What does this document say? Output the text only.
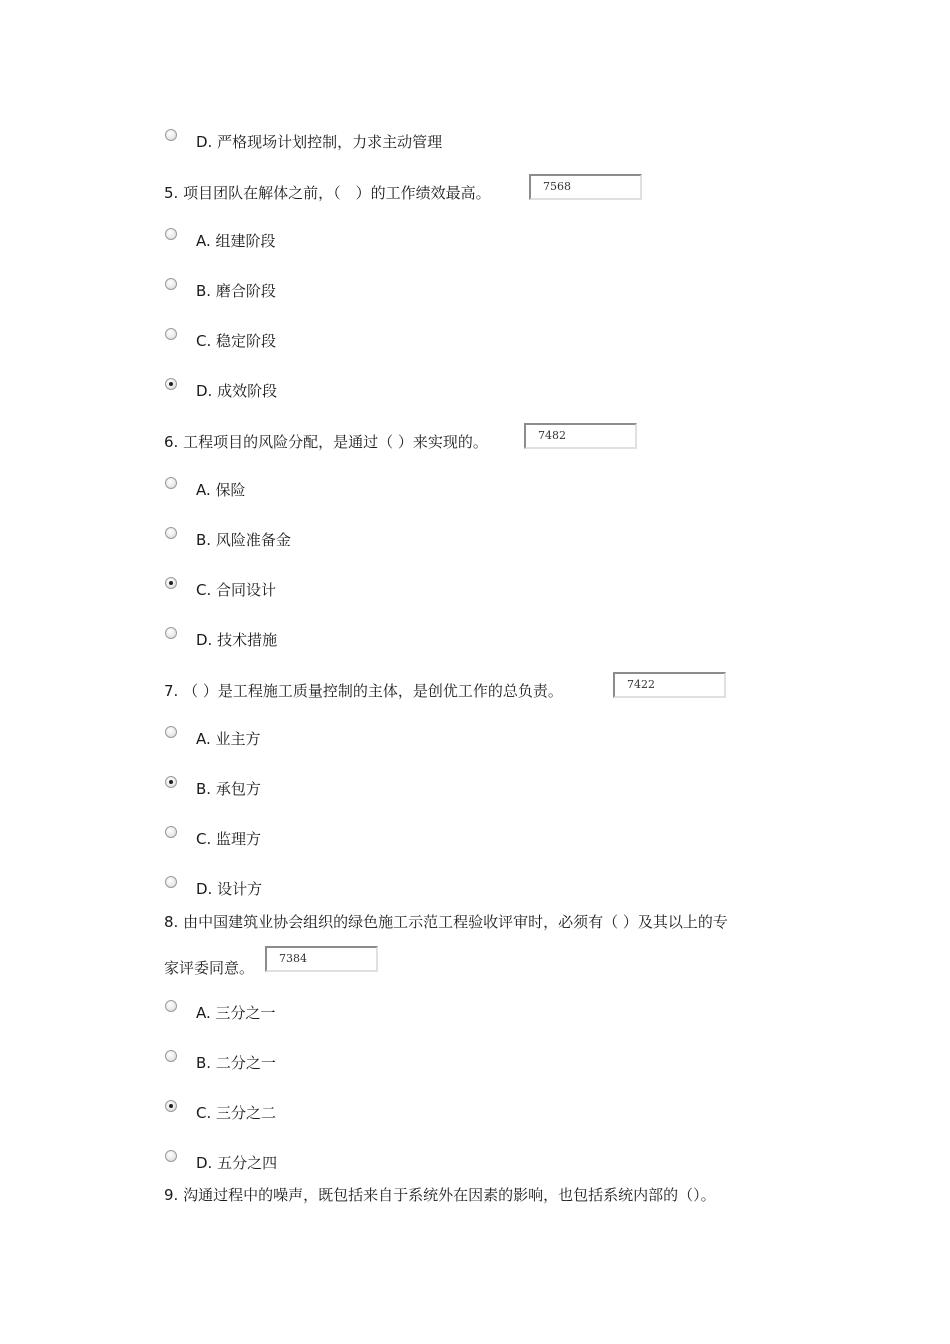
D. 严格现场计划控制，力求主动管理
5. 项目团队在解体之前，（　）的工作绩效最高。	7568
A. 组建阶段
B. 磨合阶段
C. 稳定阶段
D. 成效阶段
6. 工程项目的风险分配，是通过（ ）来实现的。	7482
A. 保险
B. 风险准备金
C. 合同设计
D. 技术措施
7. （ ）是工程施工质量控制的主体，是创优工作的总负责。	7422
A. 业主方
B. 承包方
C. 监理方
D. 设计方
8. 由中国建筑业协会组织的绿色施工示范工程验收评审时，必须有（ ）及其以上的专
家评委同意。
7384
A. 三分之一
B. 二分之一
C. 三分之二
D. 五分之四
9. 沟通过程中的噪声，既包括来自于系统外在因素的影响，也包括系统内部的（）。
